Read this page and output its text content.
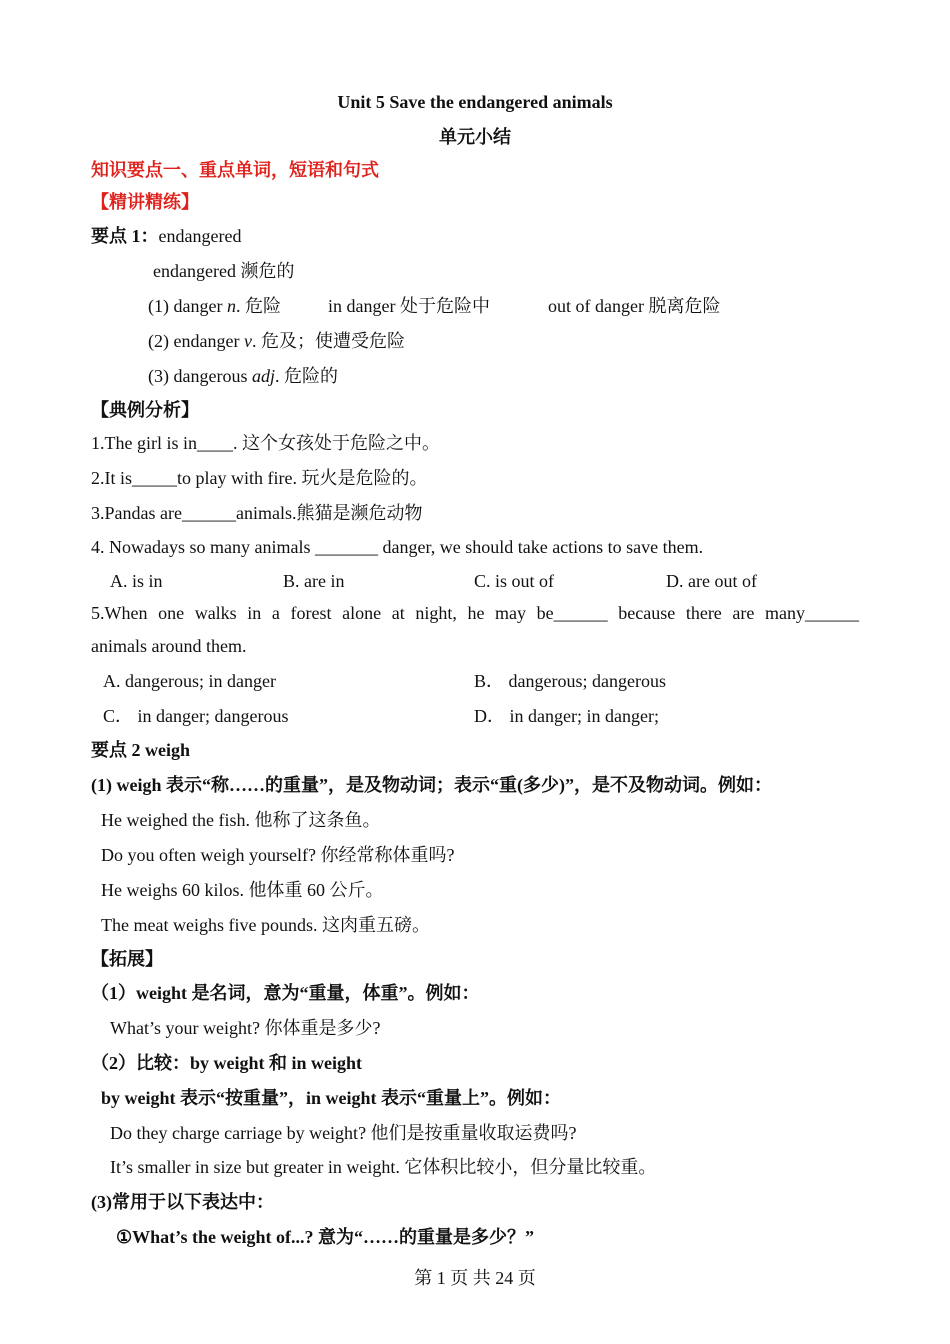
Unit 5 Save the endangered animals
单元小结
知识要点一、重点单词，短语和句式
【精讲精练】
要点 1：endangered
endangered 濒危的
(1) danger n. 危险	in danger 处于危险中	out of danger 脱离危险
(2) endanger v. 危及；使遭受危险
(3) dangerous adj. 危险的
【典例分析】
1.The girl is in____. 这个女孩处于危险之中。
2.It is_____to play with fire. 玩火是危险的。
3.Pandas are______animals.熊猫是濒危动物
4. Nowadays so many animals _______ danger, we should take actions to save them.
A. is in	B. are in	C. is out of	D. are out of
5.When one walks in a forest alone at night, he may be______ because there are many______
animals around them.
A. dangerous; in danger	B． dangerous; dangerous
C． in danger; dangerous	D． in danger; in danger;
要点 2 weigh
(1) weigh 表示“称……的重量”，是及物动词；表示“重(多少)”，是不及物动词。例如：
He weighed the fish. 他称了这条鱼。
Do you often weigh yourself? 你经常称体重吗?
He weighs 60 kilos. 他体重 60 公斤。
The meat weighs five pounds. 这肉重五磅。
【拓展】
（1）weight 是名词，意为“重量，体重”。例如：
What’s your weight? 你体重是多少?
（2）比较：by weight 和 in weight
by weight 表示“按重量”，in weight 表示“重量上”。例如：
Do they charge carriage by weight? 他们是按重量收取运费吗?
It’s smaller in size but greater in weight. 它体积比较小，但分量比较重。
(3)常用于以下表达中：
①What’s the weight of...? 意为“……的重量是多少？”
第 1 页 共 24 页
